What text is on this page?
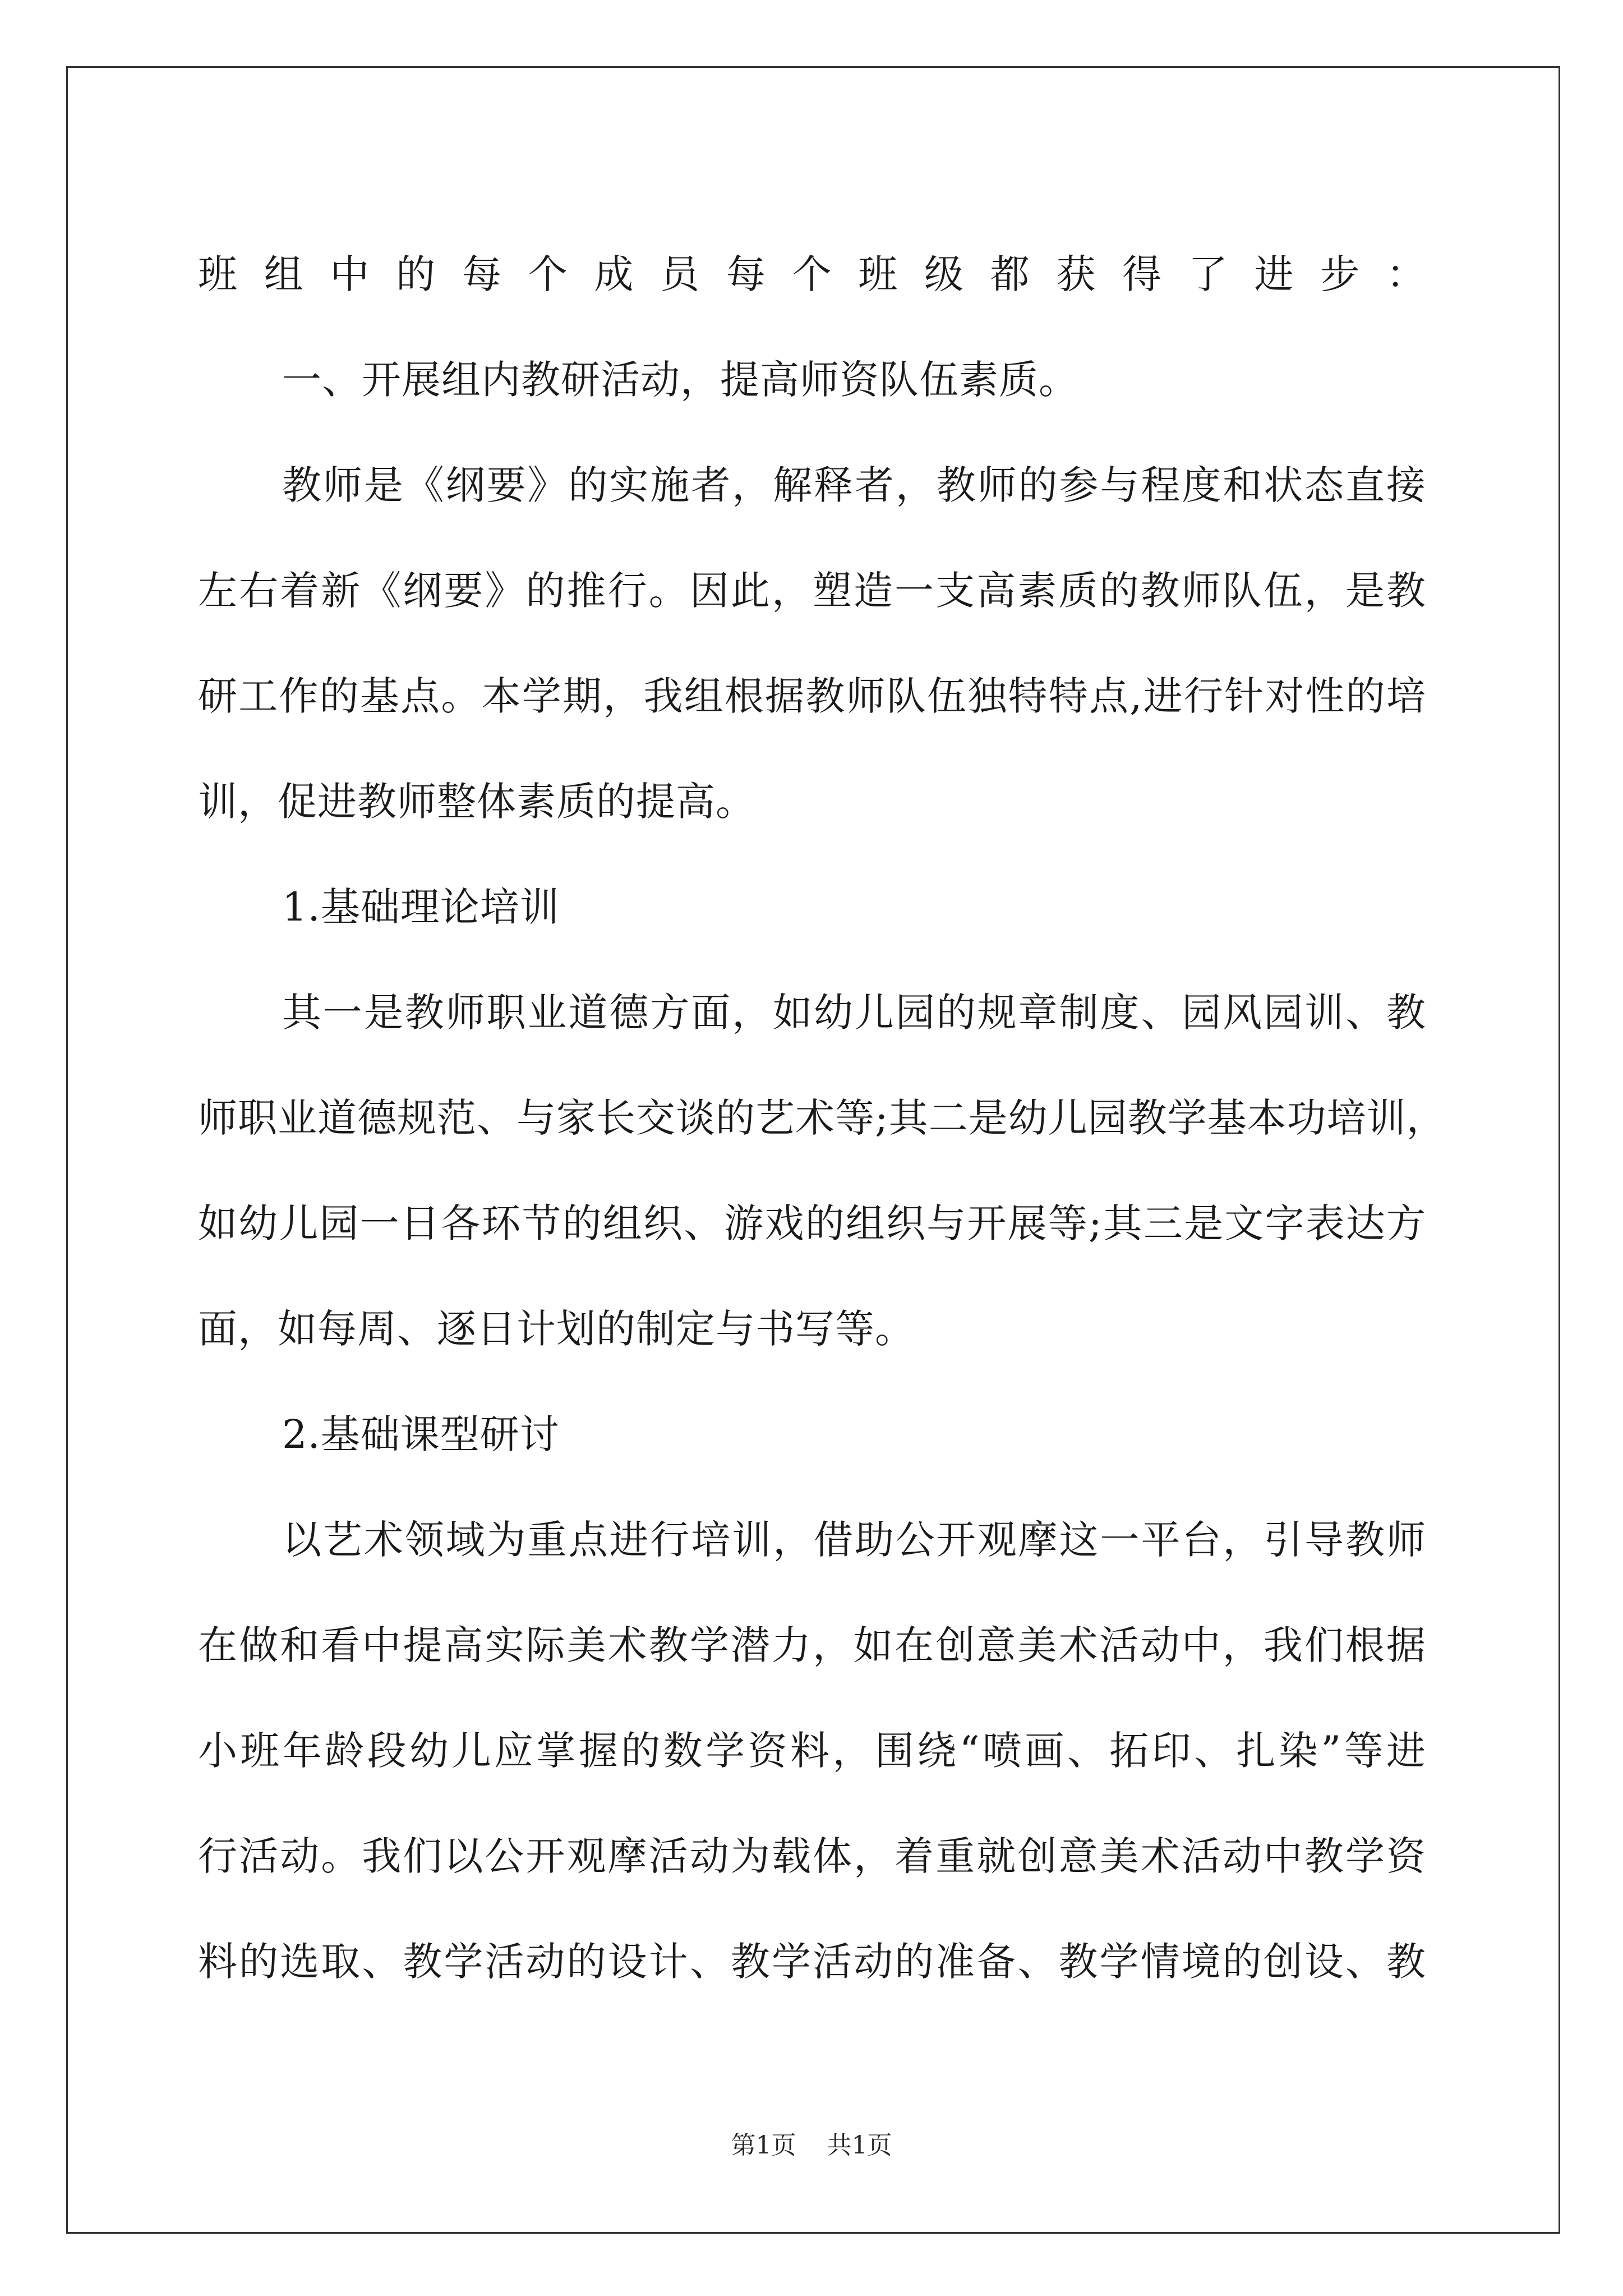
班组中的每个成员每个班级都获得了进步：
一、开展组内教研活动，提高师资队伍素质。
教师是《纲要》的实施者，解释者，教师的参与程度和状态直接
左右着新《纲要》的推行。因此，塑造一支高素质的教师队伍，是教
研工作的基点。本学期，我组根据教师队伍独特特点,进行针对性的培
训，促进教师整体素质的提高。
1.基础理论培训
其一是教师职业道德方面，如幼儿园的规章制度、园风园训、教
师职业道德规范、与家长交谈的艺术等;其二是幼儿园教学基本功培训，
如幼儿园一日各环节的组织、游戏的组织与开展等;其三是文字表达方
面，如每周、逐日计划的制定与书写等。
2.基础课型研讨
以艺术领域为重点进行培训，借助公开观摩这一平台，引导教师
在做和看中提高实际美术教学潜力，如在创意美术活动中，我们根据
小班年龄段幼儿应掌握的数学资料，围绕“喷画、拓印、扎染”等进
行活动。我们以公开观摩活动为载体，着重就创意美术活动中教学资
料的选取、教学活动的设计、教学活动的准备、教学情境的创设、教
第1页 共1页
